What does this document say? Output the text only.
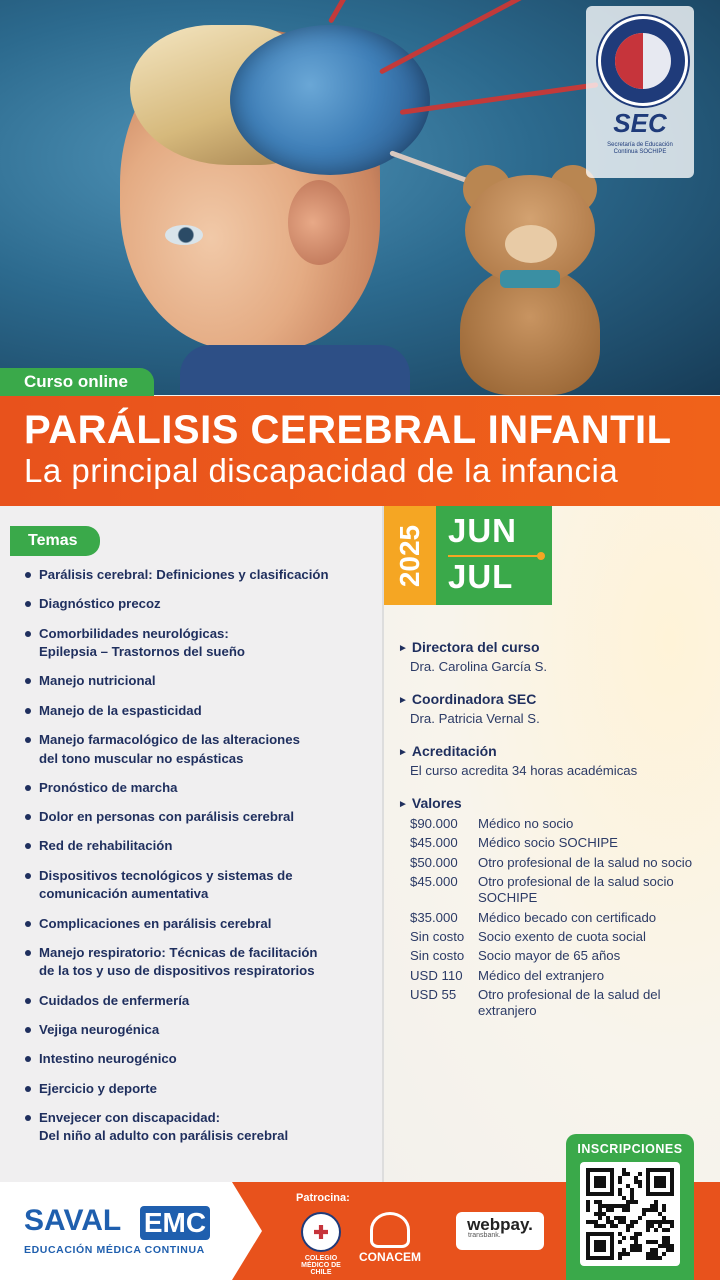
SEC
Secretaría de Educación Continua SOCHIPE
Curso online
PARÁLISIS CEREBRAL INFANTIL
La principal discapacidad de la infancia
Temas
Parálisis cerebral: Definiciones y clasificación
Diagnóstico precoz
Comorbilidades neurológicas:
Epilepsia – Trastornos del sueño
Manejo nutricional
Manejo de la espasticidad
Manejo farmacológico de las alteraciones
del tono muscular no espásticas
Pronóstico de marcha
Dolor en personas con parálisis cerebral
Red de rehabilitación
Dispositivos tecnológicos y sistemas de
comunicación aumentativa
Complicaciones en parálisis cerebral
Manejo respiratorio: Técnicas de facilitación
de la tos y uso de dispositivos respiratorios
Cuidados de enfermería
Vejiga neurogénica
Intestino neurogénico
Ejercicio y deporte
Envejecer con discapacidad:
Del niño al adulto con parálisis cerebral
2025 JUN
JUL
► Directora del curso
Dra. Carolina García S.
► Coordinadora SEC
Dra. Patricia Vernal S.
► Acreditación
El curso acredita 34 horas académicas
► Valores
$90.000	Médico no socio
$45.000	Médico socio SOCHIPE
$50.000	Otro profesional de la salud no socio
$45.000	Otro profesional de la salud socio SOCHIPE
$35.000	Médico becado con certificado
Sin costo	Socio exento de cuota social
Sin costo	Socio mayor de 65 años
USD 110	Médico del extranjero
USD 55	Otro profesional de la salud del extranjero
SAVAL EMC
EDUCACIÓN MÉDICA CONTINUA
Patrocina:
COLEGIO MÉDICO DE CHILE
CONACEM
webpay.
transbank.
INSCRIPCIONES
